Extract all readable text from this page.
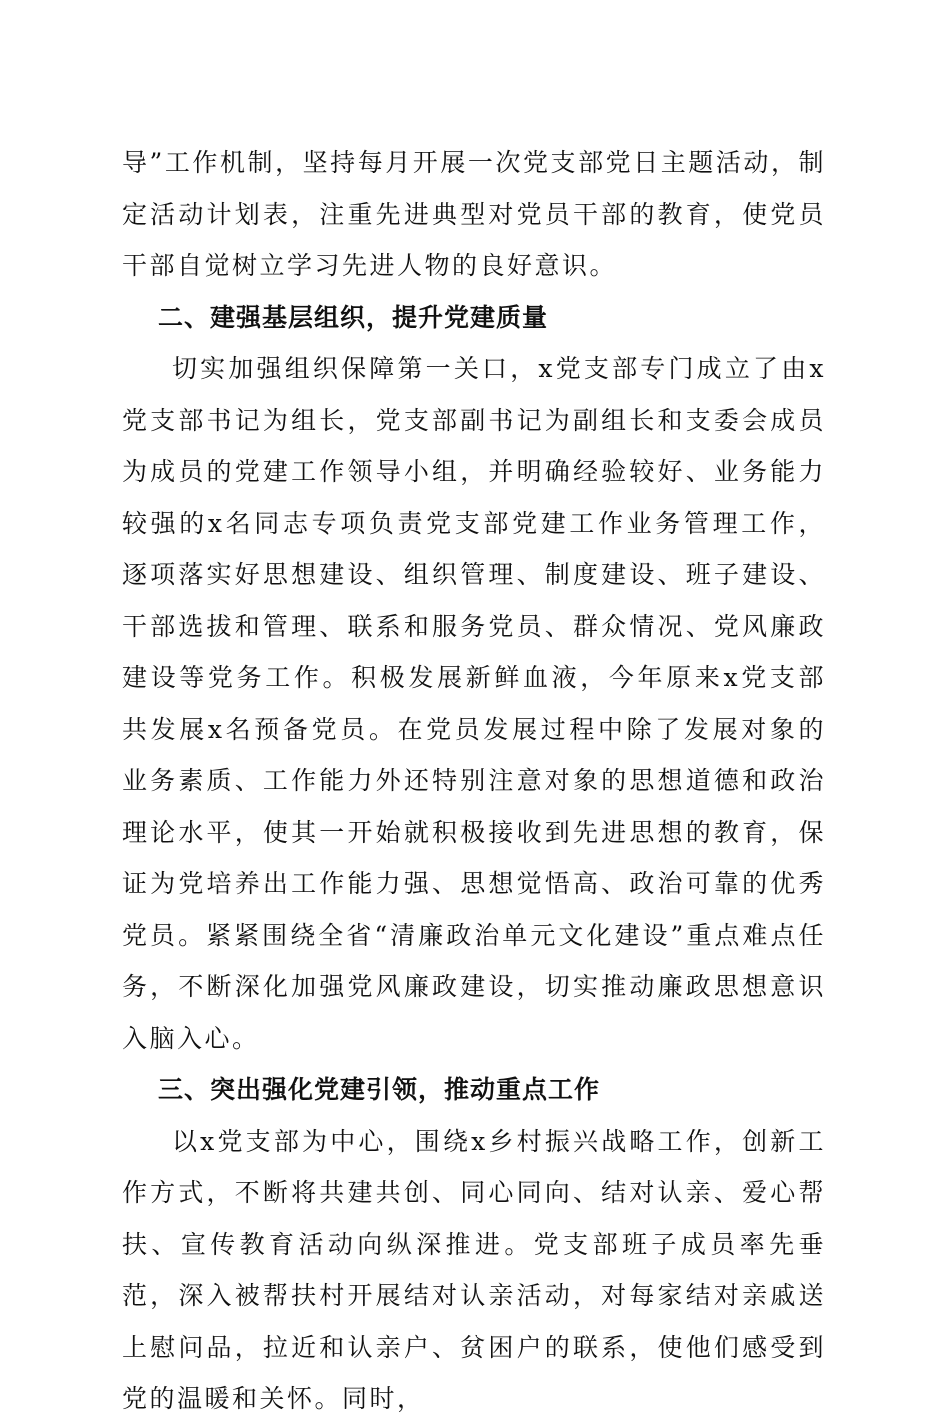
导”工作机制，坚持每月开展一次党支部党日主题活动，制定活动计划表，注重先进典型对党员干部的教育，使党员干部自觉树立学习先进人物的良好意识。

二、建强基层组织，提升党建质量

切实加强组织保障第一关口，x党支部专门成立了由x党支部书记为组长，党支部副书记为副组长和支委会成员为成员的党建工作领导小组，并明确经验较好、业务能力较强的x名同志专项负责党支部党建工作业务管理工作，逐项落实好思想建设、组织管理、制度建设、班子建设、干部选拔和管理、联系和服务党员、群众情况、党风廉政建设等党务工作。积极发展新鲜血液，今年原来x党支部共发展x名预备党员。在党员发展过程中除了发展对象的业务素质、工作能力外还特别注意对象的思想道德和政治理论水平，使其一开始就积极接收到先进思想的教育，保证为党培养出工作能力强、思想觉悟高、政治可靠的优秀党员。紧紧围绕全省“清廉政治单元文化建设”重点难点任务，不断深化加强党风廉政建设，切实推动廉政思想意识入脑入心。

三、突出强化党建引领，推动重点工作

以x党支部为中心，围绕x乡村振兴战略工作，创新工作方式，不断将共建共创、同心同向、结对认亲、爱心帮扶、宣传教育活动向纵深推进。党支部班子成员率先垂范，深入被帮扶村开展结对认亲活动，对每家结对亲戚送上慰问品，拉近和认亲户、贫困户的联系，使他们感受到党的温暖和关怀。同时，
